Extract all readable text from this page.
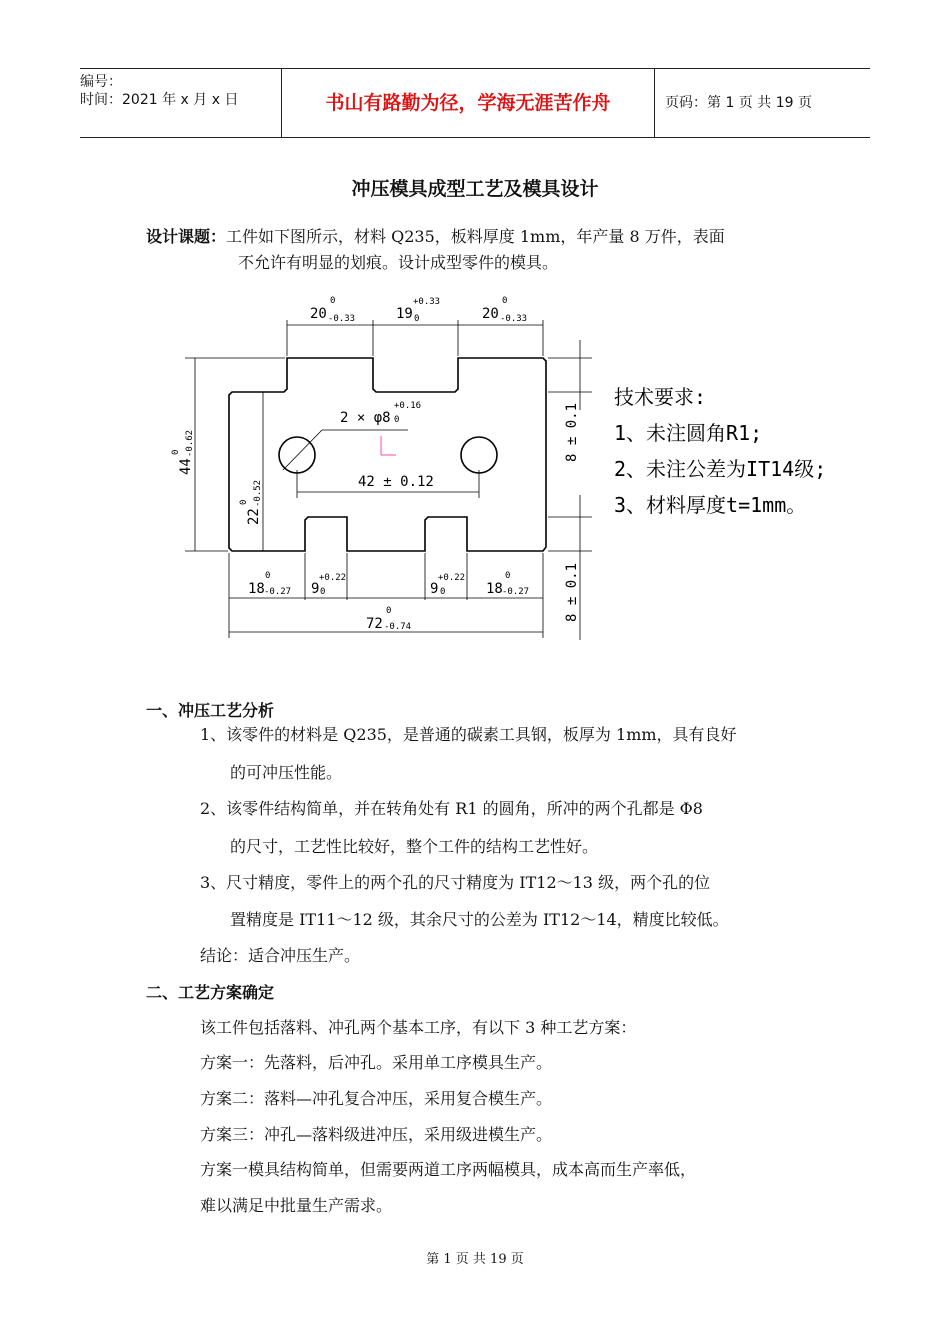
编号：
时间：2021 年 x 月 x 日	书山有路勤为径，学海无涯苦作舟	页码：第 1 页 共 19 页
冲压模具成型工艺及模具设计
设计课题：工件如下图所示，材料 Q235，板料厚度 1mm，年产量 8 万件，表面
不允许有明显的划痕。设计成型零件的模具。
20
0
-0.33	19
+0.33
0	20
0
-0.33
2 × φ8
+0.16
0
42 ± 0.12
18
0
-0.27 9
+0.22
0	9
+0.22
0	18
0
-0.27
72
0
-0.74
44
0 -0.62
22
0 -0.52
8 ± 0.1
8 ± 0.1
技术要求:
1、未注圆角R1;
2、未注公差为IT14级;
3、材料厚度t=1mm。
一、冲压工艺分析
1、该零件的材料是 Q235，是普通的碳素工具钢，板厚为 1mm，具有良好
的可冲压性能。
2、该零件结构简单，并在转角处有 R1 的圆角，所冲的两个孔都是 Φ8
的尺寸，工艺性比较好，整个工件的结构工艺性好。
3、尺寸精度，零件上的两个孔的尺寸精度为 IT12～13 级，两个孔的位
置精度是 IT11～12 级，其余尺寸的公差为 IT12～14，精度比较低。
结论：适合冲压生产。
二、工艺方案确定
该工件包括落料、冲孔两个基本工序，有以下 3 种工艺方案：
方案一：先落料，后冲孔。采用单工序模具生产。
方案二：落料—冲孔复合冲压，采用复合模生产。
方案三：冲孔—落料级进冲压，采用级进模生产。
方案一模具结构简单，但需要两道工序两幅模具，成本高而生产率低，
难以满足中批量生产需求。
第 1 页 共 19 页
